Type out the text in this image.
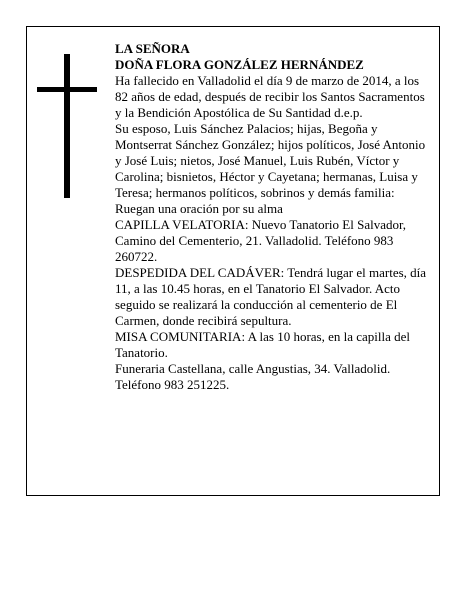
LA SEÑORA

DOÑA FLORA GONZÁLEZ HERNÁNDEZ

Ha fallecido en Valladolid el día 9 de marzo de 2014, a los 82 años de edad, después de recibir los Santos Sacramentos y la Bendición Apostólica de Su Santidad d.e.p.

Su esposo, Luis Sánchez Palacios; hijas, Begoña y Montserrat Sánchez González; hijos políticos, José Antonio y José Luis; nietos, José Manuel, Luis Rubén, Víctor y Carolina; bisnietos, Héctor y Cayetana; hermanas, Luisa y Teresa; hermanos políticos, sobrinos y demás familia:

Ruegan una oración por su alma

CAPILLA VELATORIA: Nuevo Tanatorio El Salvador, Camino del Cementerio, 21. Valladolid. Teléfono 983 260722.

DESPEDIDA DEL CADÁVER: Tendrá lugar el martes, día 11, a las 10.45 horas, en el Tanatorio El Salvador. Acto seguido se realizará la conducción al cementerio de El Carmen, donde recibirá sepultura.

MISA COMUNITARIA: A las 10 horas, en la capilla del Tanatorio.

Funeraria Castellana, calle Angustias, 34. Valladolid. Teléfono 983 251225.
